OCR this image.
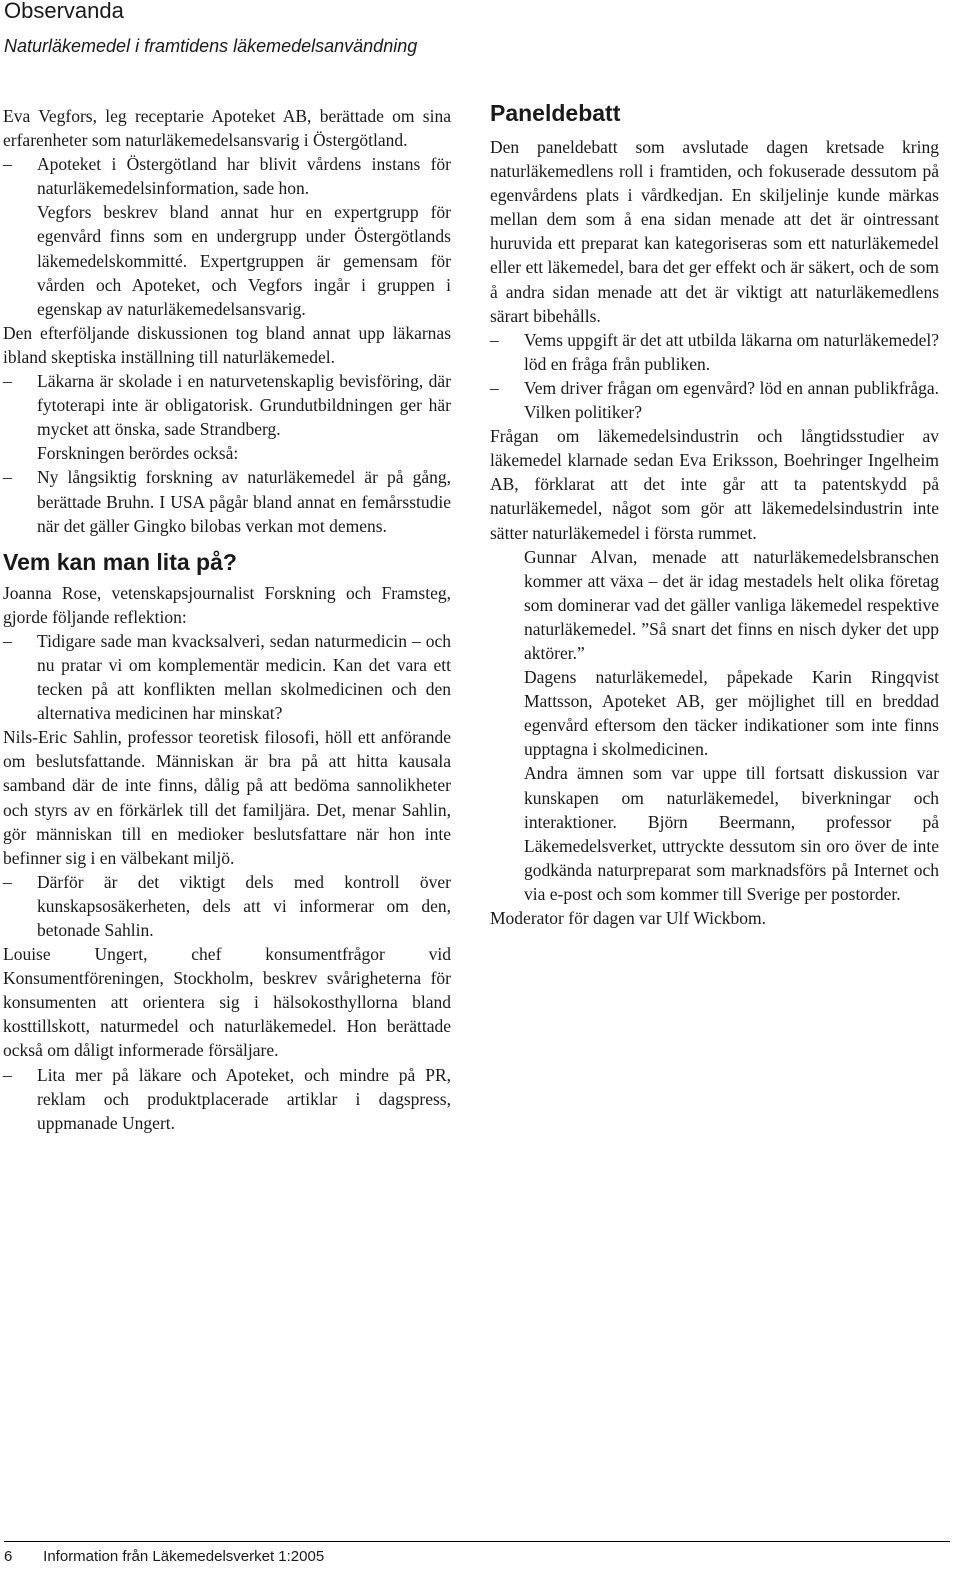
Observanda
Naturläkemedel i framtidens läkemedelsanvändning

Eva Vegfors, leg receptarie Apoteket AB, berättade om sina erfarenheter som naturläkemedelsansvarig i Östergötland.

– Apoteket i Östergötland har blivit vårdens instans för naturläkemedelsinformation, sade hon.

Vegfors beskrev bland annat hur en expertgrupp för egenvård finns som en undergrupp under Östergötlands läkemedelskommitté. Expertgruppen är gemensam för vården och Apoteket, och Vegfors ingår i gruppen i egenskap av naturläkemedelsansvarig.

Den efterföljande diskussionen tog bland annat upp läkarnas ibland skeptiska inställning till naturläkemedel.

– Läkarna är skolade i en naturvetenskaplig bevisföring, där fytoterapi inte är obligatorisk. Grundutbildningen ger här mycket att önska, sade Strandberg.

Forskningen berördes också:

– Ny långsiktig forskning av naturläkemedel är på gång, berättade Bruhn. I USA pågår bland annat en femårsstudie när det gäller Gingko bilobas verkan mot demens.

Vem kan man lita på?

Joanna Rose, vetenskapsjournalist Forskning och Framsteg, gjorde följande reflektion:

– Tidigare sade man kvacksalveri, sedan naturmedicin – och nu pratar vi om komplementär medicin. Kan det vara ett tecken på att konflikten mellan skolmedicinen och den alternativa medicinen har minskat?

Nils-Eric Sahlin, professor teoretisk filosofi, höll ett anförande om beslutsfattande. Människan är bra på att hitta kausala samband där de inte finns, dålig på att bedöma sannolikheter och styrs av en förkärlek till det familjära. Det, menar Sahlin, gör människan till en medioker beslutsfattare när hon inte befinner sig i en välbekant miljö.

– Därför är det viktigt dels med kontroll över kunskapsosäkerheten, dels att vi informerar om den, betonade Sahlin.

Louise Ungert, chef konsumentfrågor vid Konsumentföreningen, Stockholm, beskrev svårigheterna för konsumenten att orientera sig i hälsokosthyllorna bland kosttillskott, naturmedel och naturläkemedel. Hon berättade också om dåligt informerade försäljare.

– Lita mer på läkare och Apoteket, och mindre på PR, reklam och produktplacerade artiklar i dagspress, uppmanade Ungert.

Paneldebatt

Den paneldebatt som avslutade dagen kretsade kring naturläkemedlens roll i framtiden, och fokuserade dessutom på egenvårdens plats i vårdkedjan. En skiljelinje kunde märkas mellan dem som å ena sidan menade att det är ointressant huruvida ett preparat kan kategoriseras som ett naturläkemedel eller ett läkemedel, bara det ger effekt och är säkert, och de som å andra sidan menade att det är viktigt att naturläkemedlens särart bibehålls.

– Vems uppgift är det att utbilda läkarna om naturläkemedel? löd en fråga från publiken.

– Vem driver frågan om egenvård? löd en annan publikfråga. Vilken politiker?

Frågan om läkemedelsindustrin och långtidsstudier av läkemedel klarnade sedan Eva Eriksson, Boehringer Ingelheim AB, förklarat att det inte går att ta patentskydd på naturläkemedel, något som gör att läkemedelsindustrin inte sätter naturläkemedel i första rummet.

Gunnar Alvan, menade att naturläkemedelsbranschen kommer att växa – det är idag mestadels helt olika företag som dominerar vad det gäller vanliga läkemedel respektive naturläkemedel. ”Så snart det finns en nisch dyker det upp aktörer.”

Dagens naturläkemedel, påpekade Karin Ringqvist Mattsson, Apoteket AB, ger möjlighet till en breddad egenvård eftersom den täcker indikationer som inte finns upptagna i skolmedicinen.

Andra ämnen som var uppe till fortsatt diskussion var kunskapen om naturläkemedel, biverkningar och interaktioner. Björn Beermann, professor på Läkemedelsverket, uttryckte dessutom sin oro över de inte godkända naturpreparat som marknadsförs på Internet och via e-post och som kommer till Sverige per postorder.

Moderator för dagen var Ulf Wickbom.

6 Information från Läkemedelsverket 1:2005
